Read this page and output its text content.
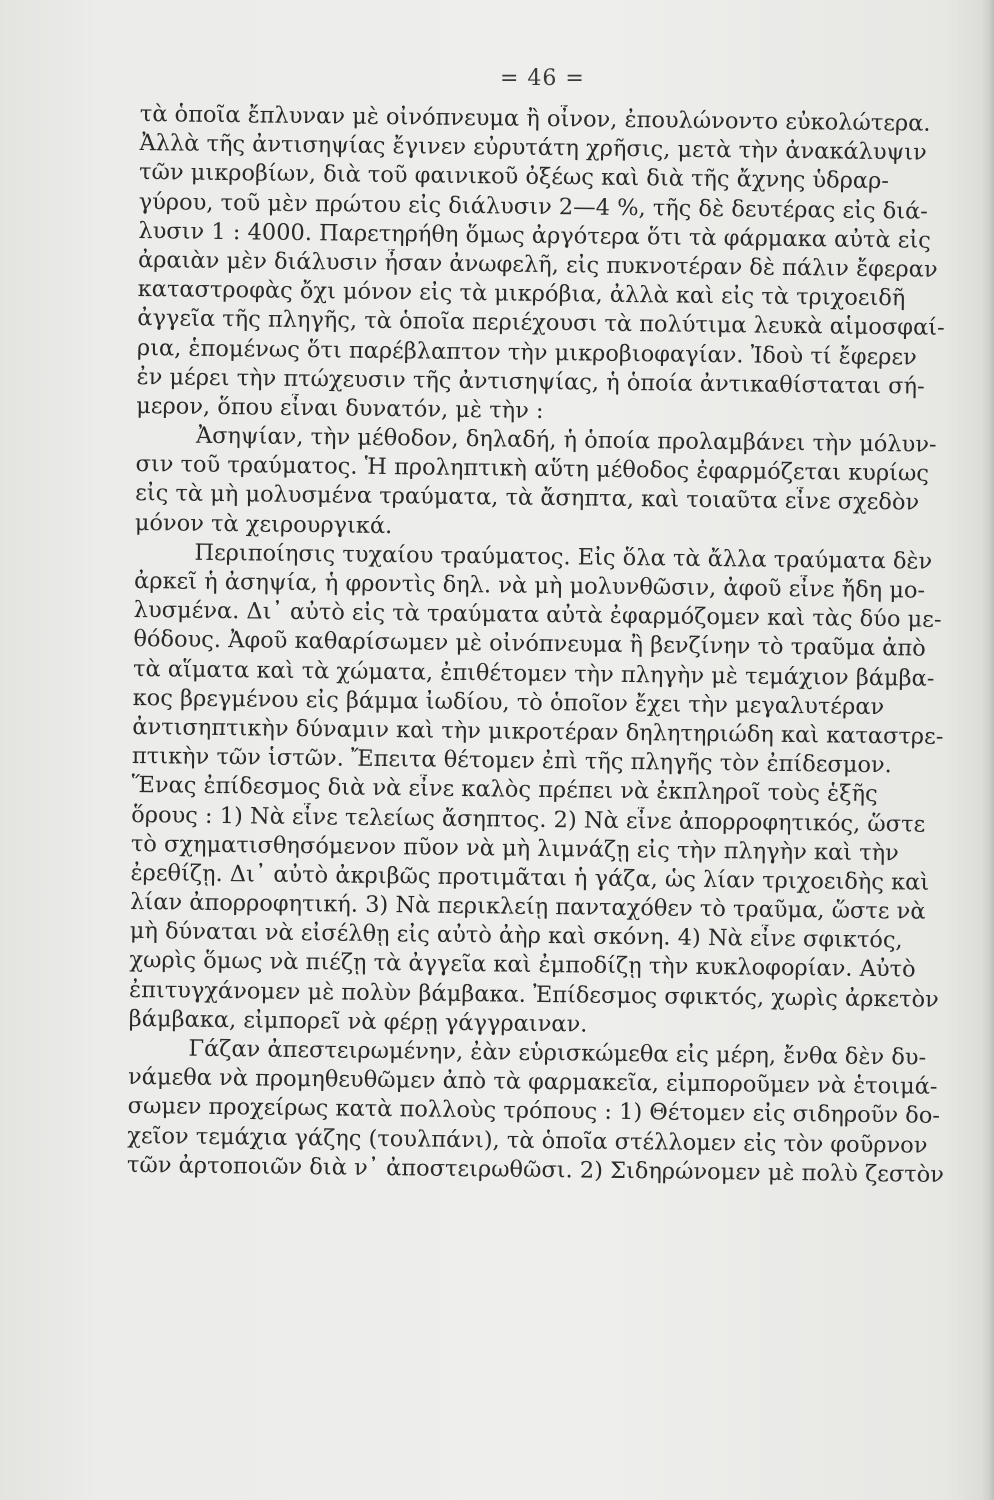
= 46 =
τὰ ὁποῖα ἔπλυναν μὲ οἰνόπνευμα ἢ οἶνον, ἐπουλώνοντο εὐκολώτερα.
Ἀλλὰ τῆς ἀντισηψίας ἔγινεν εὐρυτάτη χρῆσις, μετὰ τὴν ἀνακάλυψιν
τῶν μικροβίων, διὰ τοῦ φαινικοῦ ὀξέως καὶ διὰ τῆς ἄχνης ὑδραρ-
γύρου, τοῦ μὲν πρώτου εἰς διάλυσιν 2—4 %, τῆς δὲ δευτέρας εἰς διά-
λυσιν 1 : 4000. Παρετηρήθη ὅμως ἀργότερα ὅτι τὰ φάρμακα αὐτὰ εἰς
ἀραιὰν μὲν διάλυσιν ἦσαν ἀνωφελῆ, εἰς πυκνοτέραν δὲ πάλιν ἔφεραν
καταστροφὰς ὄχι μόνον εἰς τὰ μικρόβια, ἀλλὰ καὶ εἰς τὰ τριχοειδῆ
ἀγγεῖα τῆς πληγῆς, τὰ ὁποῖα περιέχουσι τὰ πολύτιμα λευκὰ αἱμοσφαί-
ρια, ἑπομένως ὅτι παρέβλαπτον τὴν μικροβιοφαγίαν. Ἰδοὺ τί ἔφερεν
ἐν μέρει τὴν πτώχευσιν τῆς ἀντισηψίας, ἡ ὁποία ἀντικαθίσταται σή-
μερον, ὅπου εἶναι δυνατόν, μὲ τὴν :
Ἀσηψίαν, τὴν μέθοδον, δηλαδή, ἡ ὁποία προλαμβάνει τὴν μόλυν-
σιν τοῦ τραύματος. Ἡ προληπτικὴ αὕτη μέθοδος ἐφαρμόζεται κυρίως
εἰς τὰ μὴ μολυσμένα τραύματα, τὰ ἄσηπτα, καὶ τοιαῦτα εἶνε σχεδὸν
μόνον τὰ χειρουργικά.
Περιποίησις τυχαίου τραύματος. Εἰς ὅλα τὰ ἄλλα τραύματα δὲν
ἀρκεῖ ἡ ἀσηψία, ἡ φροντὶς δηλ. νὰ μὴ μολυνθῶσιν, ἀφοῦ εἶνε ἤδη μο-
λυσμένα. Δι᾽ αὐτὸ εἰς τὰ τραύματα αὐτὰ ἐφαρμόζομεν καὶ τὰς δύο με-
θόδους. Ἀφοῦ καθαρίσωμεν μὲ οἰνόπνευμα ἢ βενζίνην τὸ τραῦμα ἀπὸ
τὰ αἵματα καὶ τὰ χώματα, ἐπιθέτομεν τὴν πληγὴν μὲ τεμάχιον βάμβα-
κος βρεγμένου εἰς βάμμα ἰωδίου, τὸ ὁποῖον ἔχει τὴν μεγαλυτέραν
ἀντισηπτικὴν δύναμιν καὶ τὴν μικροτέραν δηλητηριώδη καὶ καταστρε-
πτικὴν τῶν ἱστῶν. Ἔπειτα θέτομεν ἐπὶ τῆς πληγῆς τὸν ἐπίδεσμον.
Ἕνας ἐπίδεσμος διὰ νὰ εἶνε καλὸς πρέπει νὰ ἐκπληροῖ τοὺς ἑξῆς
ὅρους : 1) Νὰ εἶνε τελείως ἄσηπτος. 2) Νὰ εἶνε ἀπορροφητικός, ὥστε
τὸ σχηματισθησόμενον πῦον νὰ μὴ λιμνάζῃ εἰς τὴν πληγὴν καὶ τὴν
ἐρεθίζῃ. Δι᾽ αὐτὸ ἀκριβῶς προτιμᾶται ἡ γάζα, ὡς λίαν τριχοειδὴς καὶ
λίαν ἀπορροφητική. 3) Νὰ περικλείῃ πανταχόθεν τὸ τραῦμα, ὥστε νὰ
μὴ δύναται νὰ εἰσέλθῃ εἰς αὐτὸ ἀὴρ καὶ σκόνη. 4) Νὰ εἶνε σφικτός,
χωρὶς ὅμως νὰ πιέζῃ τὰ ἀγγεῖα καὶ ἐμποδίζῃ τὴν κυκλοφορίαν. Αὐτὸ
ἐπιτυγχάνομεν μὲ πολὺν βάμβακα. Ἐπίδεσμος σφικτός, χωρὶς ἀρκετὸν
βάμβακα, εἰμπορεῖ νὰ φέρῃ γάγγραιναν.
Γάζαν ἀπεστειρωμένην, ἐὰν εὑρισκώμεθα εἰς μέρη, ἔνθα δὲν δυ-
νάμεθα νὰ προμηθευθῶμεν ἀπὸ τὰ φαρμακεῖα, εἰμποροῦμεν νὰ ἑτοιμά-
σωμεν προχείρως κατὰ πολλοὺς τρόπους : 1) Θέτομεν εἰς σιδηροῦν δο-
χεῖον τεμάχια γάζης (τουλπάνι), τὰ ὁποῖα στέλλομεν εἰς τὸν φοῦρνον
τῶν ἀρτοποιῶν διὰ ν᾽ ἀποστειρωθῶσι. 2) Σιδηρώνομεν μὲ πολὺ ζεστὸν
